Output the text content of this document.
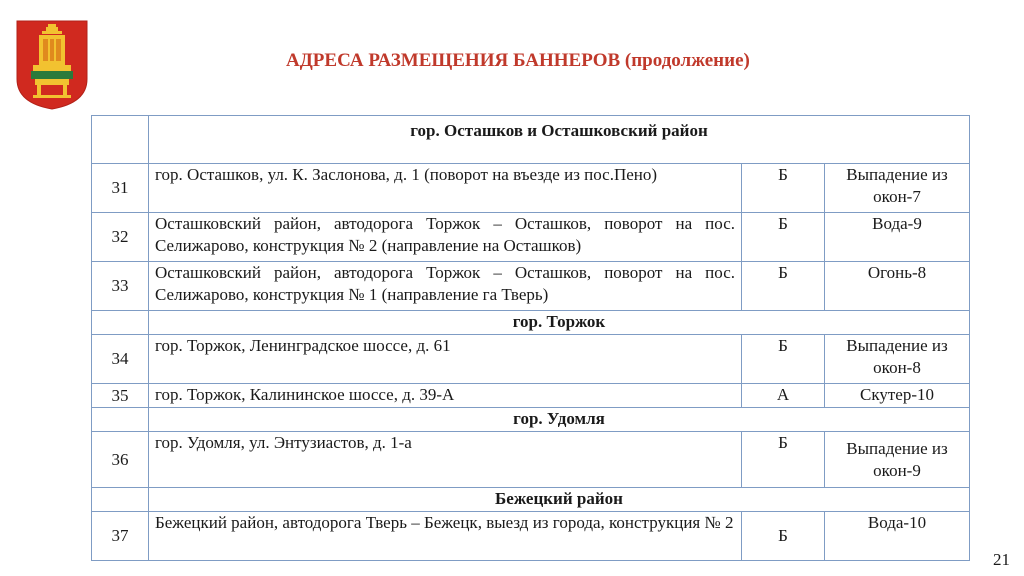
АДРЕСА РАЗМЕЩЕНИЯ БАННЕРОВ (продолжение)
	гор. Осташков и Осташковский район		
31	гор. Осташков, ул. К. Заслонова, д. 1 (поворот на въезде из пос.Пено)	Б	Выпадение из окон-7
32	Осташковский район, автодорога Торжок – Осташков, поворот на пос. Селижарово, конструкция № 2 (направление на Осташков)	Б	Вода-9
33	Осташковский район, автодорога Торжок – Осташков, поворот на пос. Селижарово, конструкция № 1 (направление га Тверь)	Б	Огонь-8
	гор. Торжок		
34	гор. Торжок, Ленинградское шоссе, д. 61	Б	Выпадение из окон-8
35	гор. Торжок, Калининское шоссе, д. 39-А	А	Скутер-10
	гор. Удомля		
36	гор. Удомля, ул. Энтузиастов, д. 1-а	Б	Выпадение из окон-9
	Бежецкий район		
37	Бежецкий район, автодорога Тверь – Бежецк, выезд из города, конструкция № 2	Б	Вода-10
21
